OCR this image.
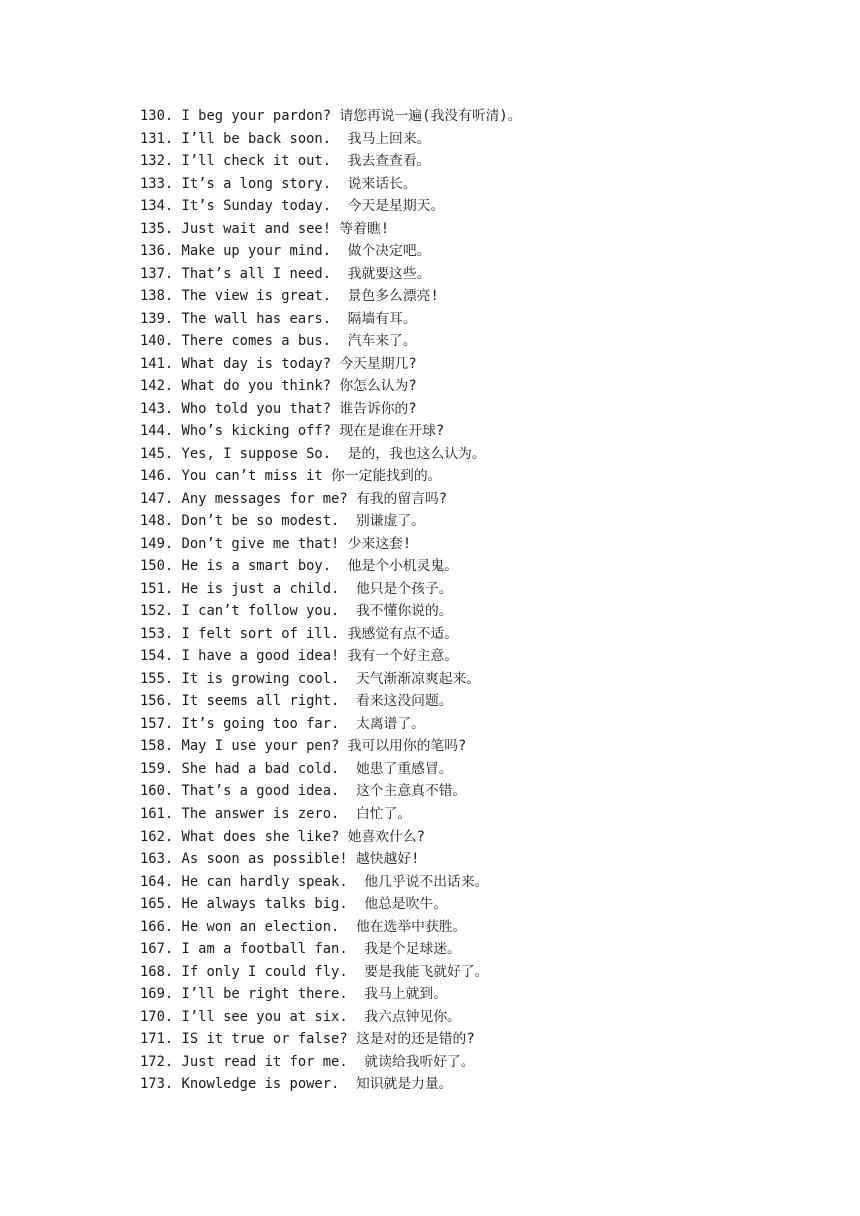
130. I beg your pardon? 请您再说一遍(我没有听清)。
131. I’ll be back soon.  我马上回来。
132. I’ll check it out.  我去查查看。
133. It’s a long story.  说来话长。
134. It’s Sunday today.  今天是星期天。
135. Just wait and see! 等着瞧!
136. Make up your mind.  做个决定吧。
137. That’s all I need.  我就要这些。
138. The view is great.  景色多么漂亮!
139. The wall has ears.  隔墙有耳。
140. There comes a bus.  汽车来了。
141. What day is today? 今天星期几?
142. What do you think? 你怎么认为?
143. Who told you that? 谁告诉你的?
144. Who’s kicking off? 现在是谁在开球?
145. Yes, I suppose So.  是的，我也这么认为。
146. You can’t miss it 你一定能找到的。
147. Any messages for me? 有我的留言吗?
148. Don’t be so modest.  别谦虚了。
149. Don’t give me that! 少来这套!
150. He is a smart boy.  他是个小机灵鬼。
151. He is just a child.  他只是个孩子。
152. I can’t follow you.  我不懂你说的。
153. I felt sort of ill. 我感觉有点不适。
154. I have a good idea! 我有一个好主意。
155. It is growing cool.  天气渐渐凉爽起来。
156. It seems all right.  看来这没问题。
157. It’s going too far.  太离谱了。
158. May I use your pen? 我可以用你的笔吗?
159. She had a bad cold.  她患了重感冒。
160. That’s a good idea.  这个主意真不错。
161. The answer is zero.  白忙了。
162. What does she like? 她喜欢什么?
163. As soon as possible! 越快越好!
164. He can hardly speak.  他几乎说不出话来。
165. He always talks big.  他总是吹牛。
166. He won an election.  他在选举中获胜。
167. I am a football fan.  我是个足球迷。
168. If only I could fly.  要是我能飞就好了。
169. I’ll be right there.  我马上就到。
170. I’ll see you at six.  我六点钟见你。
171. IS it true or false? 这是对的还是错的?
172. Just read it for me.  就读给我听好了。
173. Knowledge is power.  知识就是力量。
